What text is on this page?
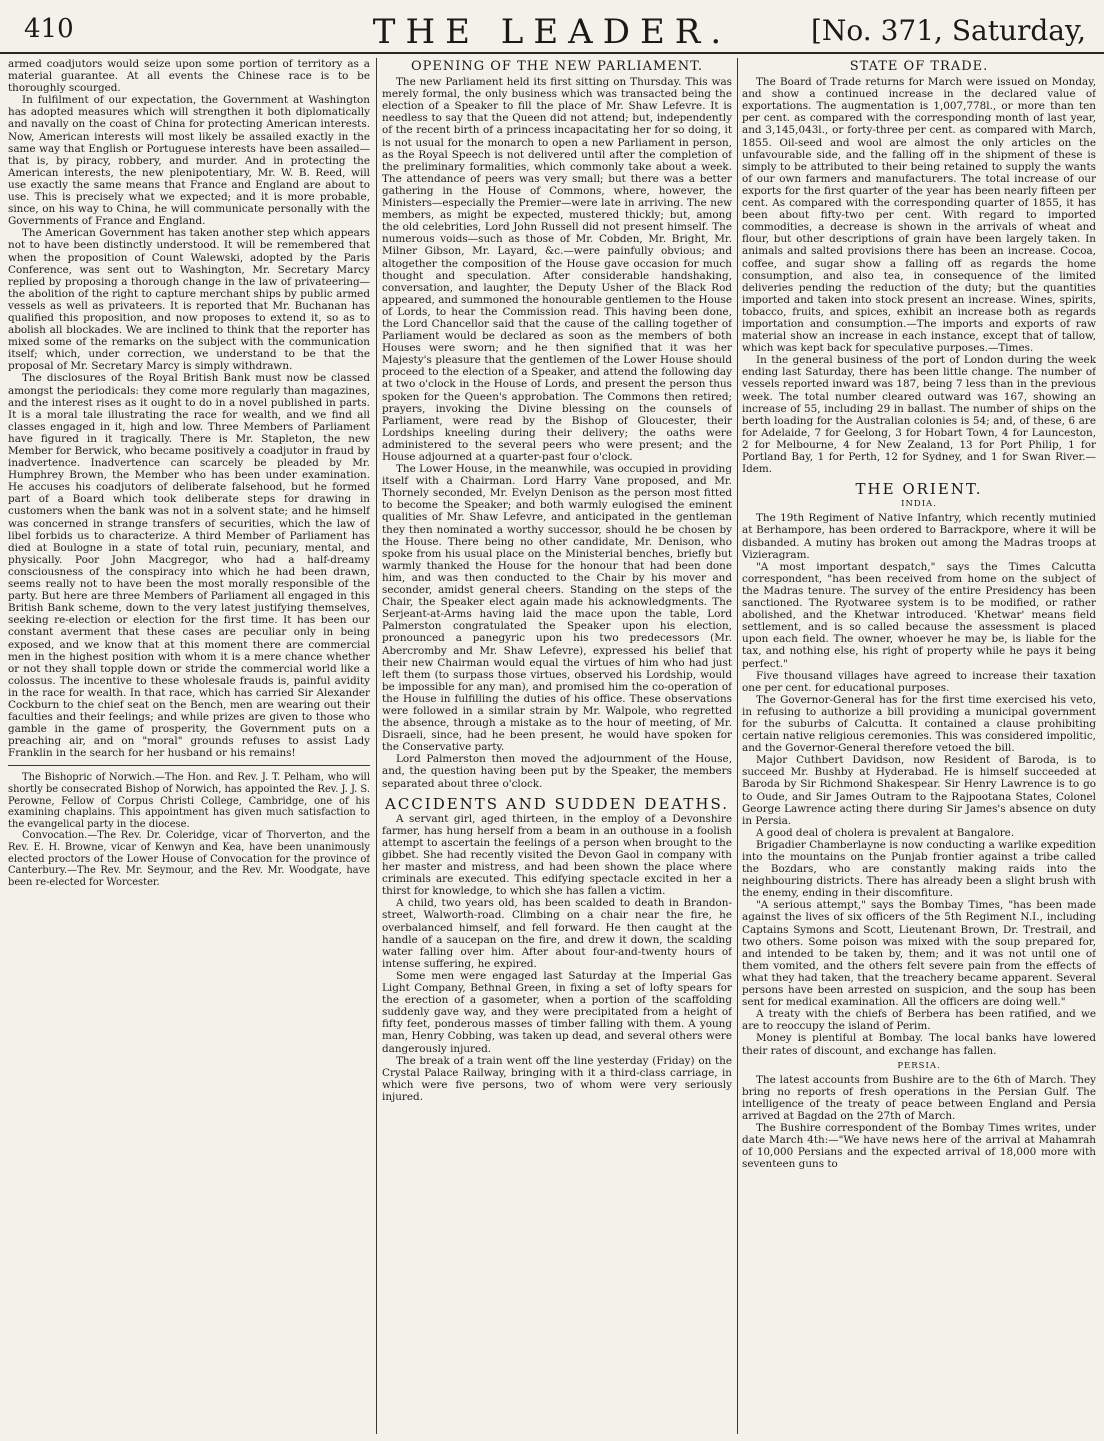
410	THE LEADER.	[No. 371, Saturday,

armed coadjutors would seize upon some portion of territory as a material guarantee. At all events the Chinese race is to be thoroughly scourged.

In fulfilment of our expectation, the Government at Washington has adopted measures which will strengthen it both diplomatically and navally on the coast of China for protecting American interests. Now, American interests will most likely be assailed exactly in the same way that English or Portuguese interests have been assailed—that is, by piracy, robbery, and murder. And in protecting the American interests, the new plenipotentiary, Mr. W. B. Reed, will use exactly the same means that France and England are about to use. This is precisely what we expected; and it is more probable, since, on his way to China, he will communicate personally with the Governments of France and England.

The American Government has taken another step which appears not to have been distinctly understood. It will be remembered that when the proposition of Count Walewski, adopted by the Paris Conference, was sent out to Washington, Mr. Secretary Marcy replied by proposing a thorough change in the law of privateering—the abolition of the right to capture merchant ships by public armed vessels as well as privateers. It is reported that Mr. Buchanan has qualified this proposition, and now proposes to extend it, so as to abolish all blockades. We are inclined to think that the reporter has mixed some of the remarks on the subject with the communication itself; which, under correction, we understand to be that the proposal of Mr. Secretary Marcy is simply withdrawn.

The disclosures of the Royal British Bank must now be classed amongst the periodicals: they come more regularly than magazines, and the interest rises as it ought to do in a novel published in parts. It is a moral tale illustrating the race for wealth, and we find all classes engaged in it, high and low. Three Members of Parliament have figured in it tragically. There is Mr. Stapleton, the new Member for Berwick, who became positively a coadjutor in fraud by inadvertence. Inadvertence can scarcely be pleaded by Mr. Humphrey Brown, the Member who has been under examination. He accuses his coadjutors of deliberate falsehood, but he formed part of a Board which took deliberate steps for drawing in customers when the bank was not in a solvent state; and he himself was concerned in strange transfers of securities, which the law of libel forbids us to characterize. A third Member of Parliament has died at Boulogne in a state of total ruin, pecuniary, mental, and physically. Poor John Macgregor, who had a half-dreamy consciousness of the conspiracy into which he had been drawn, seems really not to have been the most morally responsible of the party. But here are three Members of Parliament all engaged in this British Bank scheme, down to the very latest justifying themselves, seeking re-election or election for the first time. It has been our constant averment that these cases are peculiar only in being exposed, and we know that at this moment there are commercial men in the highest position with whom it is a mere chance whether or not they shall topple down or stride the commercial world like a colossus. The incentive to these wholesale frauds is, painful avidity in the race for wealth. In that race, which has carried Sir Alexander Cockburn to the chief seat on the Bench, men are wearing out their faculties and their feelings; and while prizes are given to those who gamble in the game of prosperity, the Government puts on a preaching air, and on "moral" grounds refuses to assist Lady Franklin in the search for her husband or his remains!

The Bishopric of Norwich.—The Hon. and Rev. J. T. Pelham, who will shortly be consecrated Bishop of Norwich, has appointed the Rev. J. J. S. Perowne, Fellow of Corpus Christi College, Cambridge, one of his examining chaplains. This appointment has given much satisfaction to the evangelical party in the diocese.

Convocation.—The Rev. Dr. Coleridge, vicar of Thorverton, and the Rev. E. H. Browne, vicar of Kenwyn and Kea, have been unanimously elected proctors of the Lower House of Convocation for the province of Canterbury.—The Rev. Mr. Seymour, and the Rev. Mr. Woodgate, have been re-elected for Worcester.

OPENING OF THE NEW PARLIAMENT.

The new Parliament held its first sitting on Thursday. This was merely formal, the only business which was transacted being the election of a Speaker to fill the place of Mr. Shaw Lefevre. It is needless to say that the Queen did not attend; but, independently of the recent birth of a princess incapacitating her for so doing, it is not usual for the monarch to open a new Parliament in person, as the Royal Speech is not delivered until after the completion of the preliminary formalities, which commonly take about a week. The attendance of peers was very small; but there was a better gathering in the House of Commons, where, however, the Ministers—especially the Premier—were late in arriving. The new members, as might be expected, mustered thickly; but, among the old celebrities, Lord John Russell did not present himself. The numerous voids—such as those of Mr. Cobden, Mr. Bright, Mr. Milner Gibson, Mr. Layard, &c.—were painfully obvious; and altogether the composition of the House gave occasion for much thought and speculation. After considerable handshaking, conversation, and laughter, the Deputy Usher of the Black Rod appeared, and summoned the honourable gentlemen to the House of Lords, to hear the Commission read. This having been done, the Lord Chancellor said that the cause of the calling together of Parliament would be declared as soon as the members of both Houses were sworn; and he then signified that it was her Majesty's pleasure that the gentlemen of the Lower House should proceed to the election of a Speaker, and attend the following day at two o'clock in the House of Lords, and present the person thus spoken for the Queen's approbation. The Commons then retired; prayers, invoking the Divine blessing on the counsels of Parliament, were read by the Bishop of Gloucester, their Lordships kneeling during their delivery; the oaths were administered to the several peers who were present; and the House adjourned at a quarter-past four o'clock.

The Lower House, in the meanwhile, was occupied in providing itself with a Chairman. Lord Harry Vane proposed, and Mr. Thornely seconded, Mr. Evelyn Denison as the person most fitted to become the Speaker; and both warmly eulogised the eminent qualities of Mr. Shaw Lefevre, and anticipated in the gentleman they then nominated a worthy successor, should he be chosen by the House. There being no other candidate, Mr. Denison, who spoke from his usual place on the Ministerial benches, briefly but warmly thanked the House for the honour that had been done him, and was then conducted to the Chair by his mover and seconder, amidst general cheers. Standing on the steps of the Chair, the Speaker elect again made his acknowledgments. The Serjeant-at-Arms having laid the mace upon the table, Lord Palmerston congratulated the Speaker upon his election, pronounced a panegyric upon his two predecessors (Mr. Abercromby and Mr. Shaw Lefevre), expressed his belief that their new Chairman would equal the virtues of him who had just left them (to surpass those virtues, observed his Lordship, would be impossible for any man), and promised him the co-operation of the House in fulfilling the duties of his office. These observations were followed in a similar strain by Mr. Walpole, who regretted the absence, through a mistake as to the hour of meeting, of Mr. Disraeli, since, had he been present, he would have spoken for the Conservative party.

Lord Palmerston then moved the adjournment of the House, and, the question having been put by the Speaker, the members separated about three o'clock.

ACCIDENTS AND SUDDEN DEATHS.

A servant girl, aged thirteen, in the employ of a Devonshire farmer, has hung herself from a beam in an outhouse in a foolish attempt to ascertain the feelings of a person when brought to the gibbet. She had recently visited the Devon Gaol in company with her master and mistress, and had been shown the place where criminals are executed. This edifying spectacle excited in her a thirst for knowledge, to which she has fallen a victim.

A child, two years old, has been scalded to death in Brandon-street, Walworth-road. Climbing on a chair near the fire, he overbalanced himself, and fell forward. He then caught at the handle of a saucepan on the fire, and drew it down, the scalding water falling over him. After about four-and-twenty hours of intense suffering, he expired.

Some men were engaged last Saturday at the Imperial Gas Light Company, Bethnal Green, in fixing a set of lofty spears for the erection of a gasometer, when a portion of the scaffolding suddenly gave way, and they were precipitated from a height of fifty feet, ponderous masses of timber falling with them. A young man, Henry Cobbing, was taken up dead, and several others were dangerously injured.

The break of a train went off the line yesterday (Friday) on the Crystal Palace Railway, bringing with it a third-class carriage, in which were five persons, two of whom were very seriously injured.

STATE OF TRADE.

The Board of Trade returns for March were issued on Monday, and show a continued increase in the declared value of exportations. The augmentation is 1,007,778l., or more than ten per cent. as compared with the corresponding month of last year, and 3,145,043l., or forty-three per cent. as compared with March, 1855. Oil-seed and wool are almost the only articles on the unfavourable side, and the falling off in the shipment of these is simply to be attributed to their being retained to supply the wants of our own farmers and manufacturers. The total increase of our exports for the first quarter of the year has been nearly fifteen per cent. As compared with the corresponding quarter of 1855, it has been about fifty-two per cent. With regard to imported commodities, a decrease is shown in the arrivals of wheat and flour, but other descriptions of grain have been largely taken. In animals and salted provisions there has been an increase. Cocoa, coffee, and sugar show a falling off as regards the home consumption, and also tea, in consequence of the limited deliveries pending the reduction of the duty; but the quantities imported and taken into stock present an increase. Wines, spirits, tobacco, fruits, and spices, exhibit an increase both as regards importation and consumption.—The imports and exports of raw material show an increase in each instance, except that of tallow, which was kept back for speculative purposes.—Times.

In the general business of the port of London during the week ending last Saturday, there has been little change. The number of vessels reported inward was 187, being 7 less than in the previous week. The total number cleared outward was 167, showing an increase of 55, including 29 in ballast. The number of ships on the berth loading for the Australian colonies is 54; and, of these, 6 are for Adelaide, 7 for Geelong, 3 for Hobart Town, 4 for Launceston, 2 for Melbourne, 4 for New Zealand, 13 for Port Philip, 1 for Portland Bay, 1 for Perth, 12 for Sydney, and 1 for Swan River.—Idem.

THE ORIENT.
INDIA.

The 19th Regiment of Native Infantry, which recently mutinied at Berhampore, has been ordered to Barrackpore, where it will be disbanded. A mutiny has broken out among the Madras troops at Vizieragram.

"A most important despatch," says the Times Calcutta correspondent, "has been received from home on the subject of the Madras tenure. The survey of the entire Presidency has been sanctioned. The Ryotwaree system is to be modified, or rather abolished, and the Khetwar introduced. 'Khetwar' means field settlement, and is so called because the assessment is placed upon each field. The owner, whoever he may be, is liable for the tax, and nothing else, his right of property while he pays it being perfect."

Five thousand villages have agreed to increase their taxation one per cent. for educational purposes.

The Governor-General has for the first time exercised his veto, in refusing to authorize a bill providing a municipal government for the suburbs of Calcutta. It contained a clause prohibiting certain native religious ceremonies. This was considered impolitic, and the Governor-General therefore vetoed the bill.

Major Cuthbert Davidson, now Resident of Baroda, is to succeed Mr. Bushby at Hyderabad. He is himself succeeded at Baroda by Sir Richmond Shakespear. Sir Henry Lawrence is to go to Oude, and Sir James Outram to the Rajpootana States, Colonel George Lawrence acting there during Sir James's absence on duty in Persia.

A good deal of cholera is prevalent at Bangalore.

Brigadier Chamberlayne is now conducting a warlike expedition into the mountains on the Punjab frontier against a tribe called the Bozdars, who are constantly making raids into the neighbouring districts. There has already been a slight brush with the enemy, ending in their discomfiture.

"A serious attempt," says the Bombay Times, "has been made against the lives of six officers of the 5th Regiment N.I., including Captains Symons and Scott, Lieutenant Brown, Dr. Trestrail, and two others. Some poison was mixed with the soup prepared for, and intended to be taken by, them; and it was not until one of them vomited, and the others felt severe pain from the effects of what they had taken, that the treachery became apparent. Several persons have been arrested on suspicion, and the soup has been sent for medical examination. All the officers are doing well."

A treaty with the chiefs of Berbera has been ratified, and we are to reoccupy the island of Perim.

Money is plentiful at Bombay. The local banks have lowered their rates of discount, and exchange has fallen.

PERSIA.

The latest accounts from Bushire are to the 6th of March. They bring no reports of fresh operations in the Persian Gulf. The intelligence of the treaty of peace between England and Persia arrived at Bagdad on the 27th of March.

The Bushire correspondent of the Bombay Times writes, under date March 4th:—"We have news here of the arrival at Mahamrah of 10,000 Persians and the expected arrival of 18,000 more with seventeen guns to
